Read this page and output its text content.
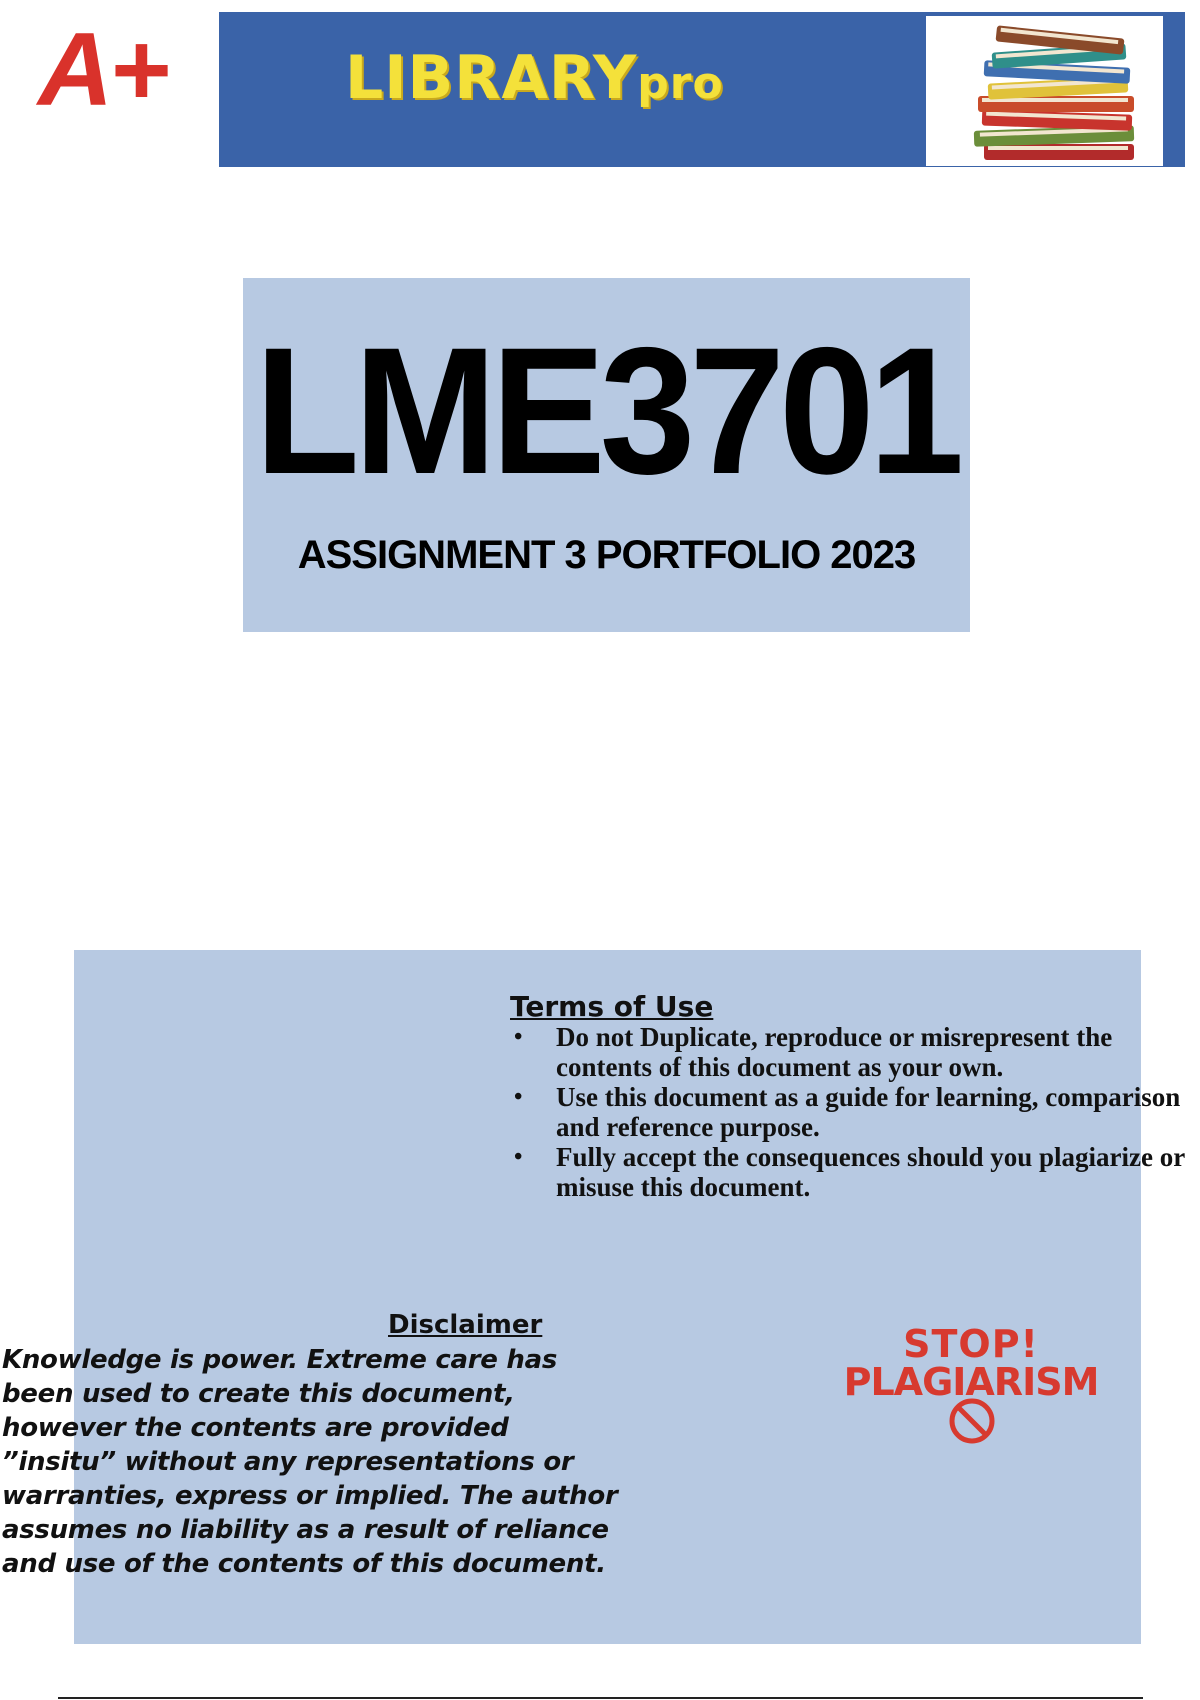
A+	LIBRARYpro
LME3701
ASSIGNMENT 3 PORTFOLIO 2023
Terms of Use
• Do not Duplicate, reproduce or misrepresent the contents of this document as your own.
• Use this document as a guide for learning, comparison and reference purpose.
• Fully accept the consequences should you plagiarize or misuse this document.
Disclaimer
Knowledge is power. Extreme care has
been used to create this document,
however the contents are provided
”insitu” without any representations or
warranties, express or implied. The author
assumes no liability as a result of reliance
and use of the contents of this document.
STOP!
PLAGIARISM
